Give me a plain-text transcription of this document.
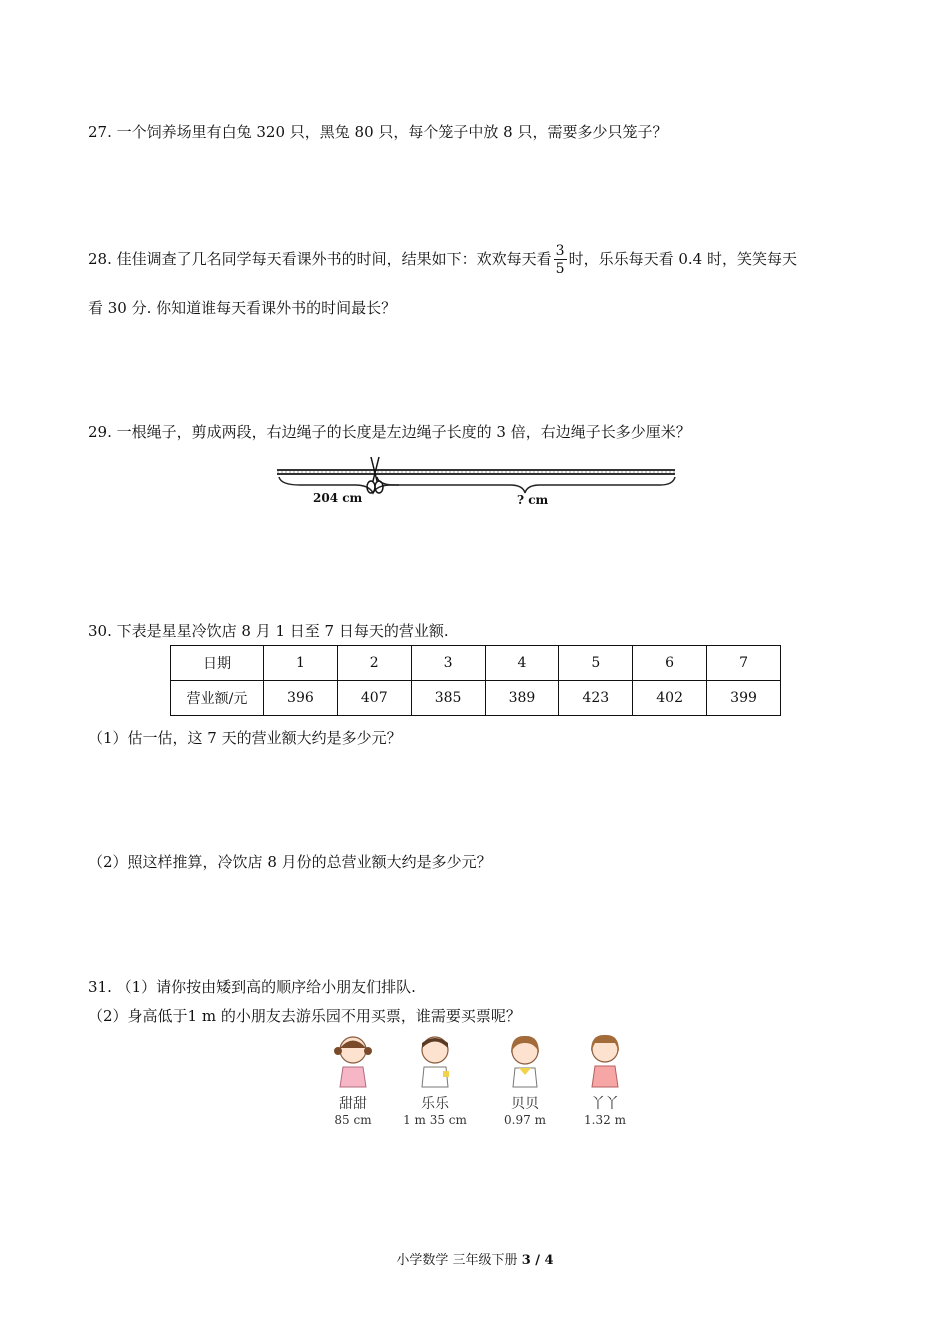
27. 一个饲养场里有白兔 320 只，黑兔 80 只，每个笼子中放 8 只，需要多少只笼子？
28. 佳佳调查了几名同学每天看课外书的时间，结果如下：欢欢每天看 $\frac{3}{5}$ 时，乐乐每天看 0.4 时，笑笑每天
看 30 分. 你知道谁每天看课外书的时间最长？
29. 一根绳子，剪成两段，右边绳子的长度是左边绳子长度的 3 倍，右边绳子长多少厘米？
204 cm	? cm
30. 下表是星星冷饮店 8 月 1 日至 7 日每天的营业额.
日期	1	2	3	4	5	6	7
营业额/元	396	407	385	389	423	402	399
（1）估一估，这 7 天的营业额大约是多少元？
（2）照这样推算，冷饮店 8 月份的总营业额大约是多少元？
31. （1）请你按由矮到高的顺序给小朋友们排队.
（2）身高低于1 m 的小朋友去游乐园不用买票，谁需要买票呢？
甜甜
85 cm
乐乐
1 m 35 cm
贝贝
0.97 m
丫丫
1.32 m
小学数学 三年级下册 3 / 4
